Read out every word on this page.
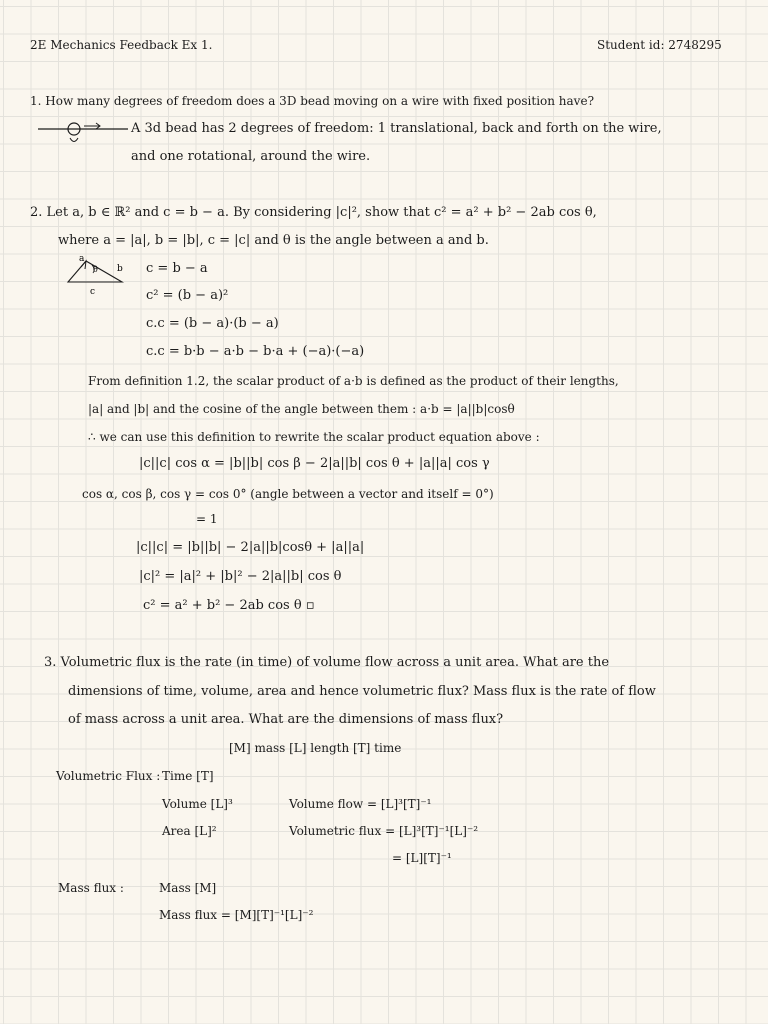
2E Mechanics Feedback Ex 1.	Student id: 2748295
1. How many degrees of freedom does a 3D bead moving on a wire with fixed position have?
A 3d bead has 2 degrees of freedom: 1 translational, back and forth on the wire,
and one rotational, around the wire.
2. Let a, b ∈ ℝ² and c = b − a. By considering |c|², show that c² = a² + b² − 2ab cos θ,
where a = |a|, b = |b|, c = |c| and θ is the angle between a and b.
a
θ b
c
c = b − a
c² = (b − a)²
c.c = (b − a)·(b − a)
c.c = b·b − a·b − b·a + (−a)·(−a)
From definition 1.2, the scalar product of a·b is defined as the product of their lengths,
|a| and |b| and the cosine of the angle between them : a·b = |a||b|cosθ
∴ we can use this definition to rewrite the scalar product equation above :
|c||c| cos α = |b||b| cos β − 2|a||b| cos θ + |a||a| cos γ
cos α, cos β, cos γ = cos 0° (angle between a vector and itself = 0°)
= 1
|c||c| = |b||b| − 2|a||b|cosθ + |a||a|
|c|² = |a|² + |b|² − 2|a||b| cos θ
c² = a² + b² − 2ab cos θ ▫
3. Volumetric flux is the rate (in time) of volume flow across a unit area. What are the
dimensions of time, volume, area and hence volumetric flux? Mass flux is the rate of flow
of mass across a unit area. What are the dimensions of mass flux?
[M] mass [L] length [T] time
Volumetric Flux : Time [T]
Volume [L]³	Volume flow = [L]³[T]⁻¹
Area [L]²	Volumetric flux = [L]³[T]⁻¹[L]⁻²
= [L][T]⁻¹
Mass flux :	Mass [M]
Mass flux = [M][T]⁻¹[L]⁻²
